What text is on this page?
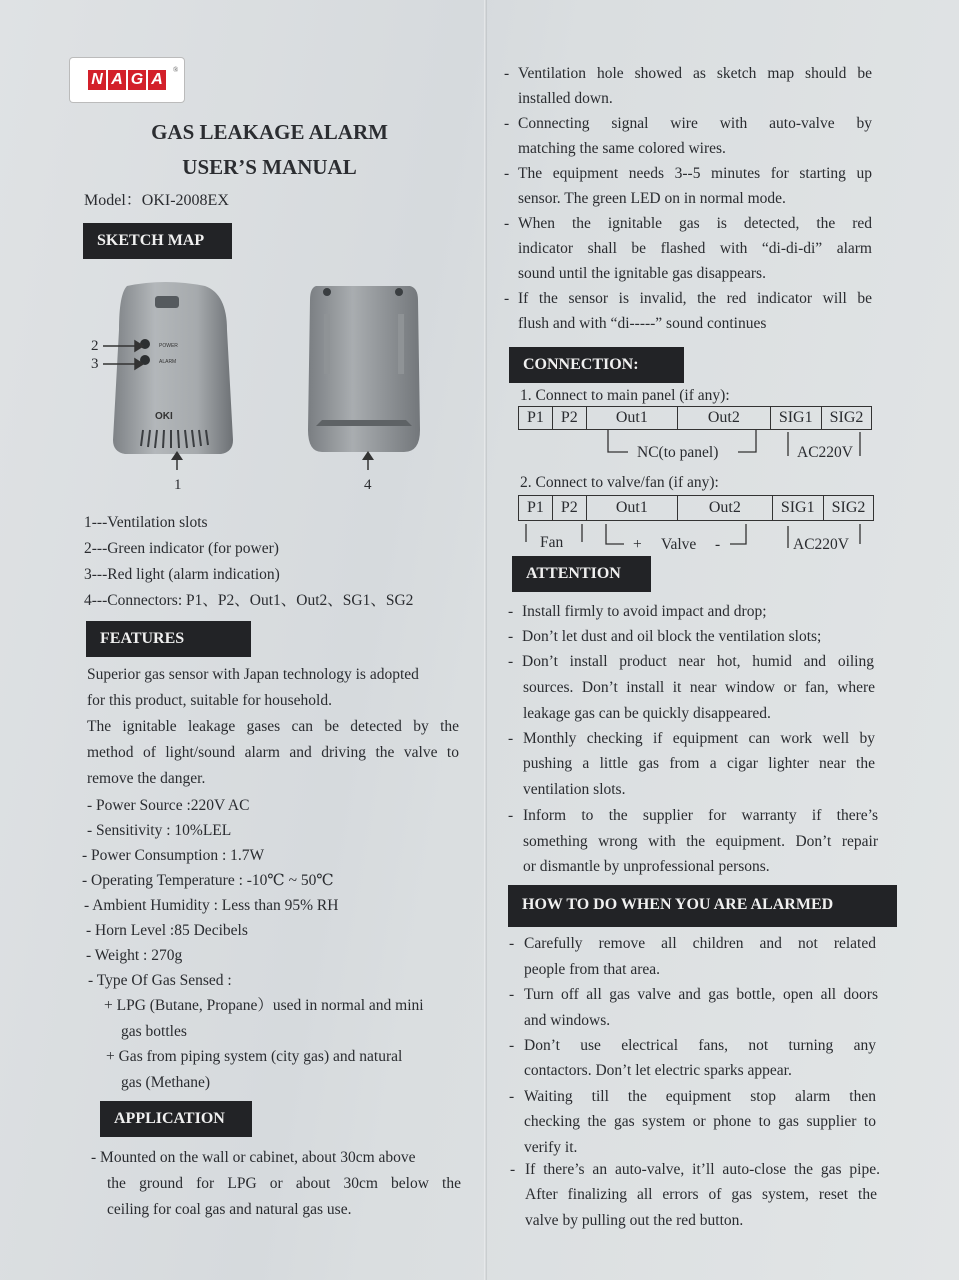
N A G A
®
GAS LEAKAGE ALARM
USER’S MANUAL
Model：OKI-2008EX
SKETCH MAP
POWER
ALARM
OKI
2
3
1	4
1---Ventilation slots
2---Green indicator (for power)
3---Red light (alarm indication)
4---Connectors: P1、P2、Out1、Out2、SG1、SG2
FEATURES
Superior gas sensor with Japan technology is adopted
for this product, suitable for household.
The ignitable leakage gases can be detected by the
method of light/sound alarm and driving the valve to
remove the danger.
- Power Source :220V AC
- Sensitivity : 10%LEL
- Power Consumption : 1.7W
- Operating Temperature : -10℃ ~ 50℃
- Ambient Humidity : Less than 95% RH
- Horn Level :85 Decibels
- Weight : 270g
- Type Of Gas Sensed :
+ LPG (Butane, Propane）used in normal and mini
gas bottles
+ Gas from piping system (city gas) and natural
gas (Methane)
APPLICATION
- Mounted on the wall or cabinet, about 30cm above
the ground for LPG or about 30cm below the
ceiling for coal gas and natural gas use.
- Ventilation hole showed as sketch map should be
installed down.
- Connecting signal wire with auto-valve by
matching the same colored wires.
- The equipment needs 3--5 minutes for starting up
sensor. The green LED on in normal mode.
- When the ignitable gas is detected, the red
indicator shall be flashed with “di-di-di” alarm
sound until the ignitable gas disappears.
- If the sensor is invalid, the red indicator will be
flush and with “di-----” sound continues
CONNECTION:
1. Connect to main panel (if any):
P1	P2	Out1	Out2	SIG1	SIG2
NC(to panel)	AC220V
2. Connect to valve/fan (if any):
P1	P2	Out1	Out2	SIG1	SIG2
Fan	+ Valve -	AC220V
ATTENTION
- Install firmly to avoid impact and drop;
- Don’t let dust and oil block the ventilation slots;
- Don’t install product near hot, humid and oiling
sources. Don’t install it near window or fan, where
leakage gas can be quickly disappeared.
- Monthly checking if equipment can work well by
pushing a little gas from a cigar lighter near the
ventilation slots.
- Inform to the supplier for warranty if there’s
something wrong with the equipment. Don’t repair
or dismantle by unprofessional persons.
HOW TO DO WHEN YOU ARE ALARMED
- Carefully remove all children and not related
people from that area.
- Turn off all gas valve and gas bottle, open all doors
and windows.
- Don’t use electrical fans, not turning any
contactors. Don’t let electric sparks appear.
- Waiting till the equipment stop alarm then
checking the gas system or phone to gas supplier to
verify it.
- If there’s an auto-valve, it’ll auto-close the gas pipe.
After finalizing all errors of gas system, reset the
valve by pulling out the red button.
